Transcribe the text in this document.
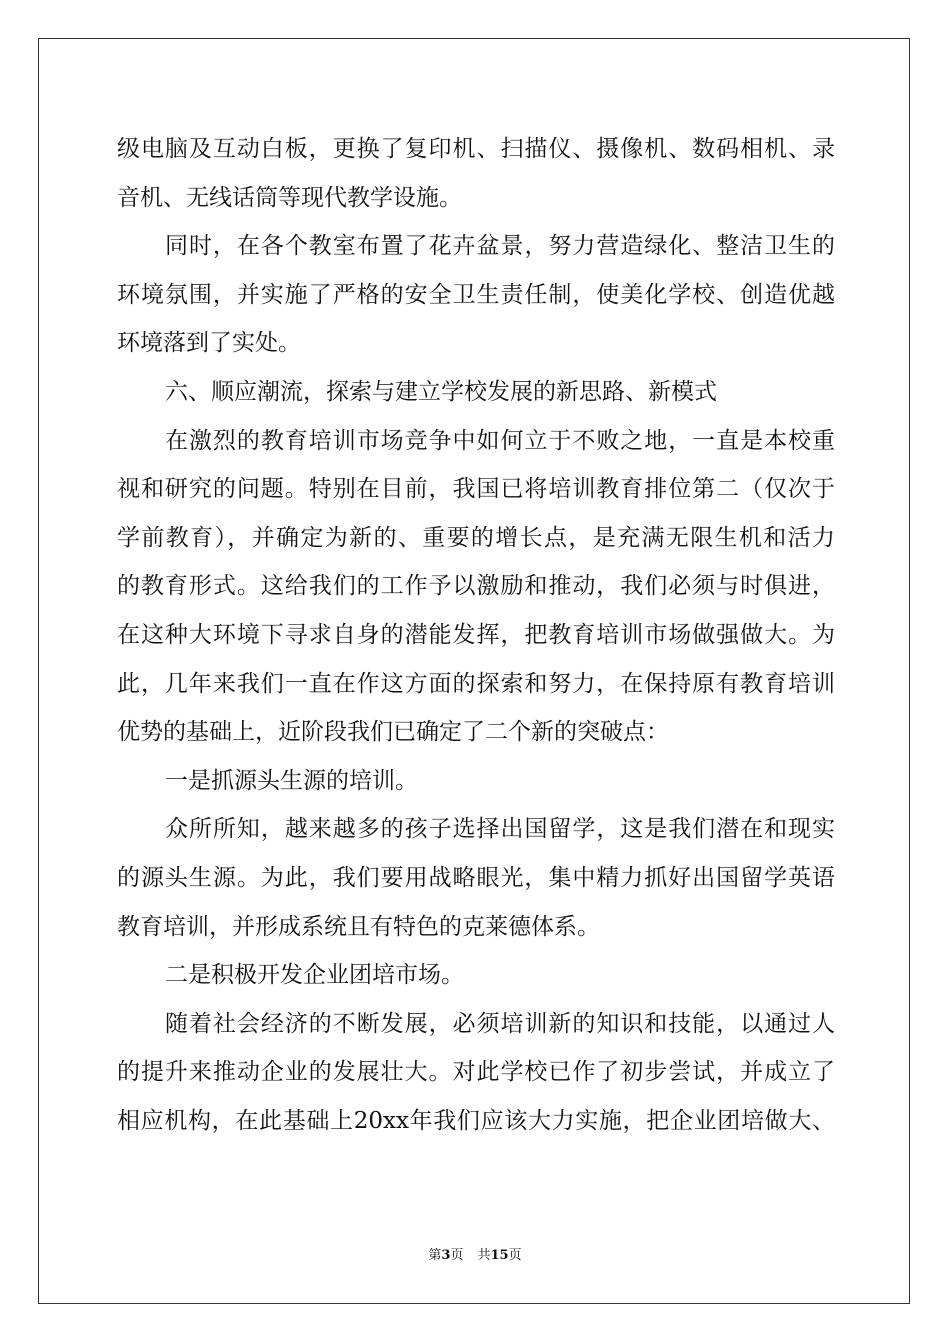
级电脑及互动白板，更换了复印机、扫描仪、摄像机、数码相机、录
音机、无线话筒等现代教学设施。
同时，在各个教室布置了花卉盆景，努力营造绿化、整洁卫生的
环境氛围，并实施了严格的安全卫生责任制，使美化学校、创造优越
环境落到了实处。
六、顺应潮流，探索与建立学校发展的新思路、新模式
在激烈的教育培训市场竞争中如何立于不败之地，一直是本校重
视和研究的问题。特别在目前，我国已将培训教育排位第二（仅次于
学前教育），并确定为新的、重要的增长点，是充满无限生机和活力
的教育形式。这给我们的工作予以激励和推动，我们必须与时俱进，
在这种大环境下寻求自身的潜能发挥，把教育培训市场做强做大。为
此，几年来我们一直在作这方面的探索和努力，在保持原有教育培训
优势的基础上，近阶段我们已确定了二个新的突破点：
一是抓源头生源的培训。
众所所知，越来越多的孩子选择出国留学，这是我们潜在和现实
的源头生源。为此，我们要用战略眼光，集中精力抓好出国留学英语
教育培训，并形成系统且有特色的克莱德体系。
二是积极开发企业团培市场。
随着社会经济的不断发展，必须培训新的知识和技能，以通过人
的提升来推动企业的发展壮大。对此学校已作了初步尝试，并成立了
相应机构，在此基础上20xx年我们应该大力实施，把企业团培做大、
第3页 共15页
